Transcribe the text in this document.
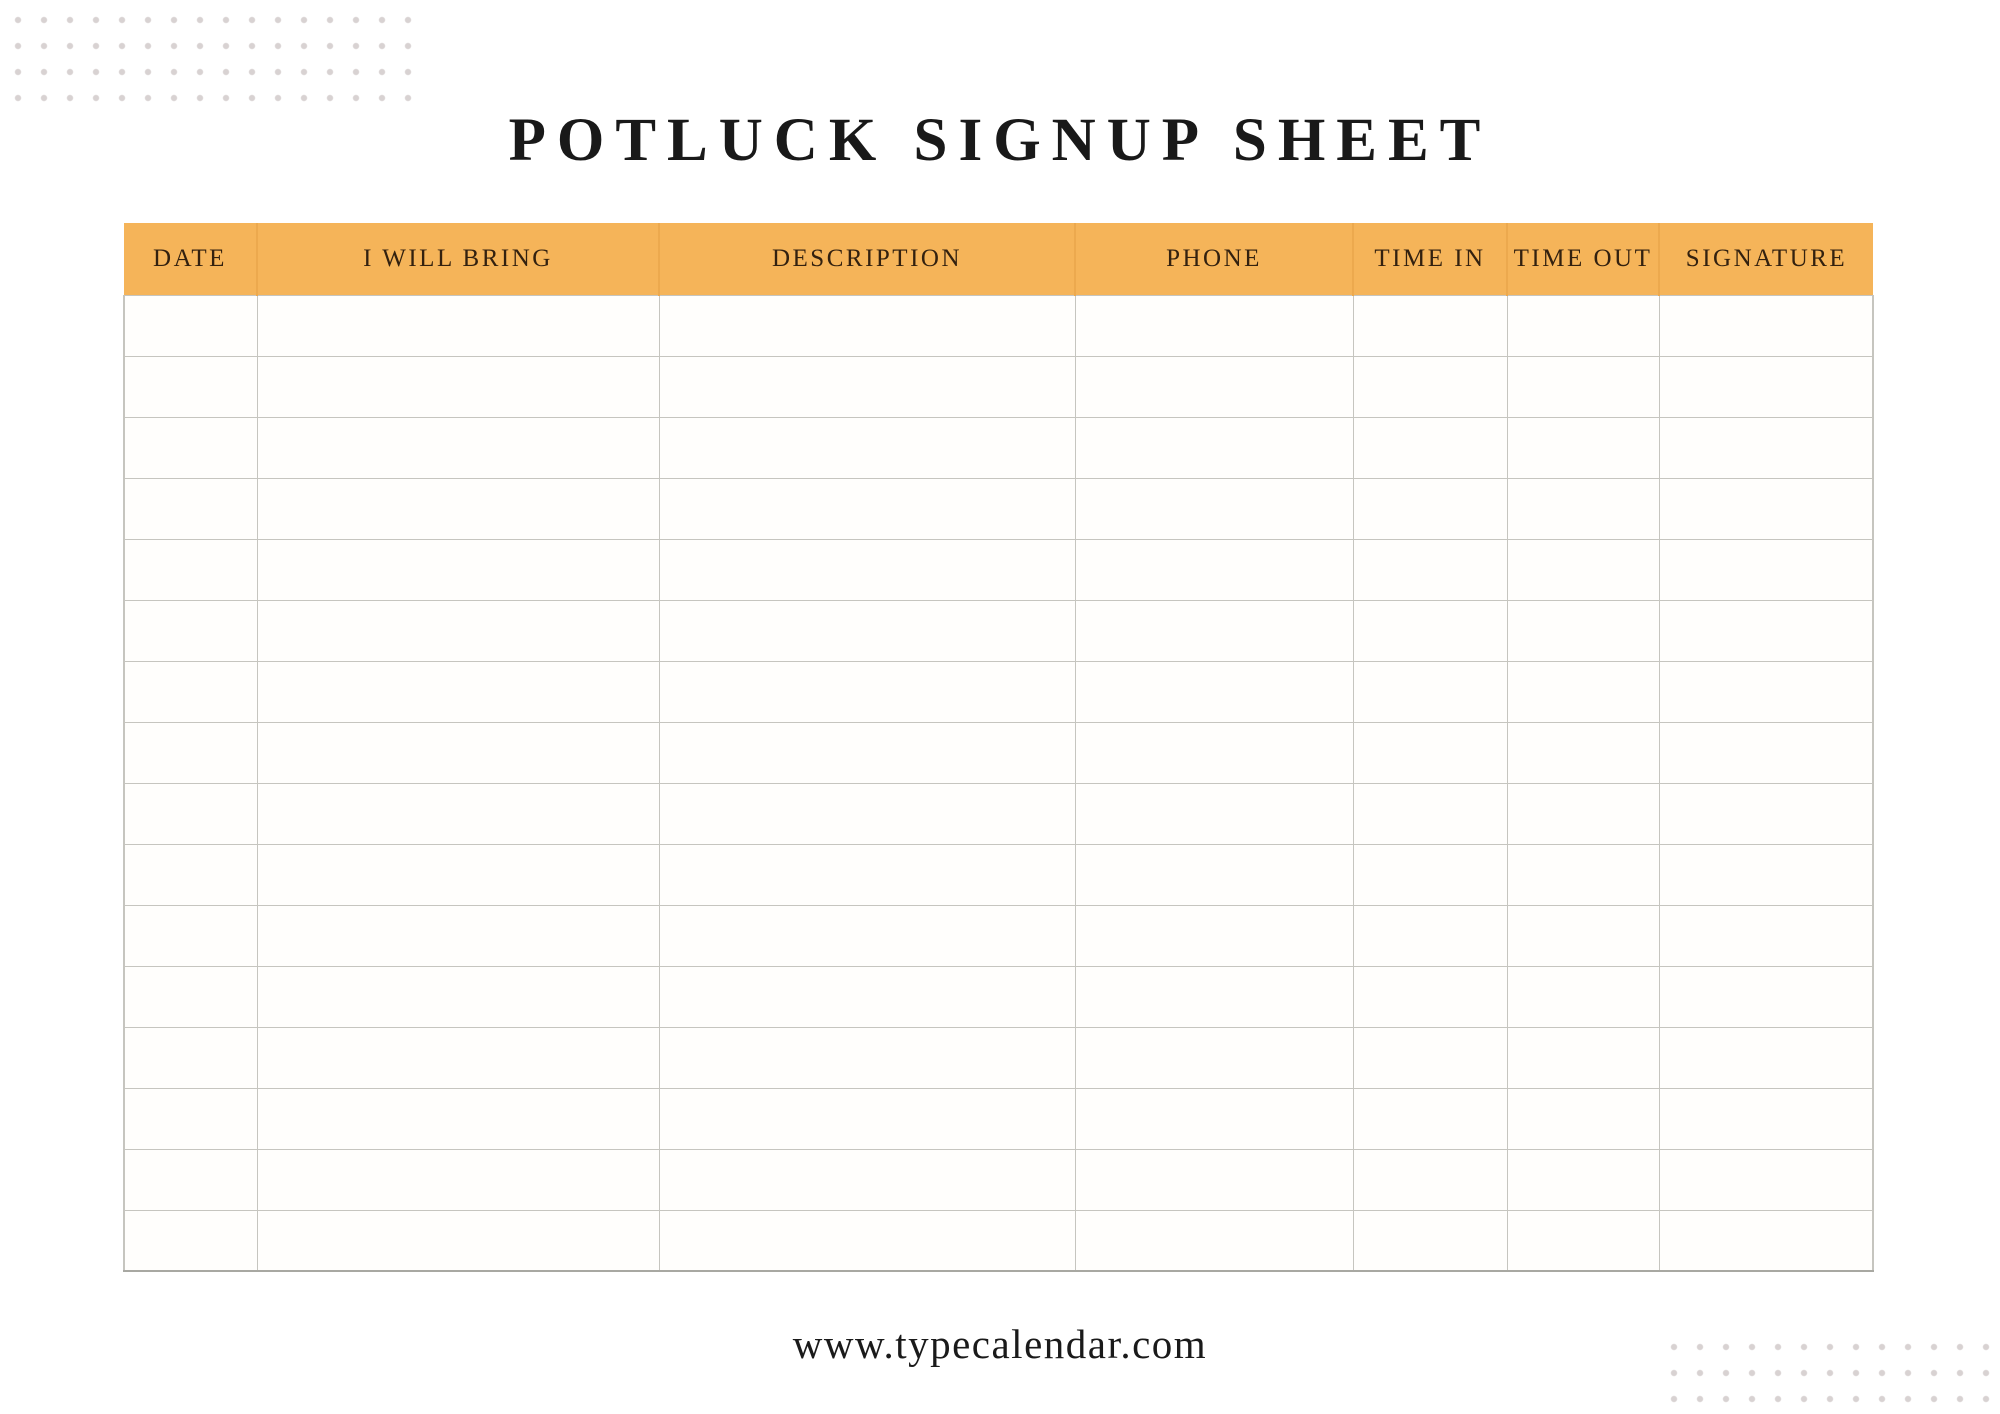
POTLUCK SIGNUP SHEET
DATE	I WILL BRING	DESCRIPTION	PHONE	TIME IN	TIME OUT	SIGNATURE

www.typecalendar.com
